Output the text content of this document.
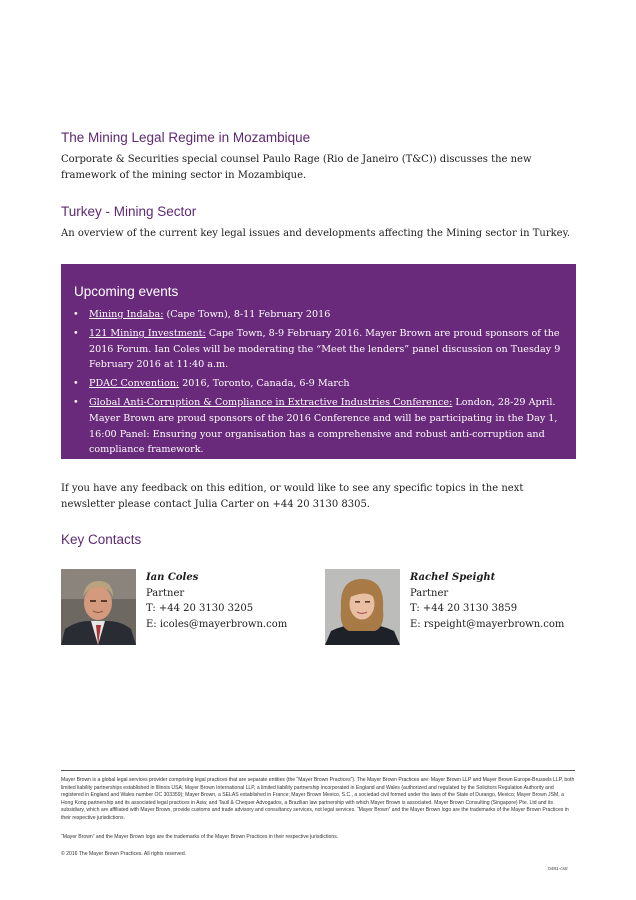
The Mining Legal Regime in Mozambique

Corporate & Securities special counsel Paulo Rage (Rio de Janeiro (T&C)) discusses the new framework of the mining sector in Mozambique.

Turkey - Mining Sector

An overview of the current key legal issues and developments affecting the Mining sector in Turkey.

Upcoming events
• Mining Indaba: (Cape Town), 8-11 February 2016
• 121 Mining Investment: Cape Town, 8-9 February 2016. Mayer Brown are proud sponsors of the 2016 Forum. Ian Coles will be moderating the “Meet the lenders” panel discussion on Tuesday 9 February 2016 at 11:40 a.m.
• PDAC Convention: 2016, Toronto, Canada, 6-9 March
• Global Anti-Corruption & Compliance in Extractive Industries Conference: London, 28-29 April. Mayer Brown are proud sponsors of the 2016 Conference and will be participating in the Day 1, 16:00 Panel: Ensuring your organisation has a comprehensive and robust anti-corruption and compliance framework.

If you have any feedback on this edition, or would like to see any specific topics in the next newsletter please contact Julia Carter on +44 20 3130 8305.

Key Contacts
Ian Coles
Partner
T: +44 20 3130 3205
E: icoles@mayerbrown.com
Rachel Speight
Partner
T: +44 20 3130 3859
E: rspeight@mayerbrown.com

Mayer Brown is a global legal services provider comprising legal practices that are separate entities (the “Mayer Brown Practices”). The Mayer Brown Practices are: Mayer Brown LLP and Mayer Brown Europe-Brussels LLP, both limited liability partnerships established in Illinois USA; Mayer Brown International LLP, a limited liability partnership incorporated in England and Wales (authorized and regulated by the Solicitors Regulation Authority and registered in England and Wales number OC 303359); Mayer Brown, a SELAS established in France; Mayer Brown Mexico, S.C., a sociedad civil formed under the laws of the State of Durango, Mexico; Mayer Brown JSM, a Hong Kong partnership and its associated legal practices in Asia; and Tauil & Chequer Advogados, a Brazilian law partnership with which Mayer Brown is associated. Mayer Brown Consulting (Singapore) Pte. Ltd and its subsidiary, which are affiliated with Mayer Brown, provide customs and trade advisory and consultancy services, not legal services. “Mayer Brown” and the Mayer Brown logo are the trademarks of the Mayer Brown Practices in their respective jurisdictions.

“Mayer Brown” and the Mayer Brown logo are the trademarks of the Mayer Brown Practices in their respective jurisdictions.

© 2016 The Mayer Brown Practices. All rights reserved.

0481-cstr
